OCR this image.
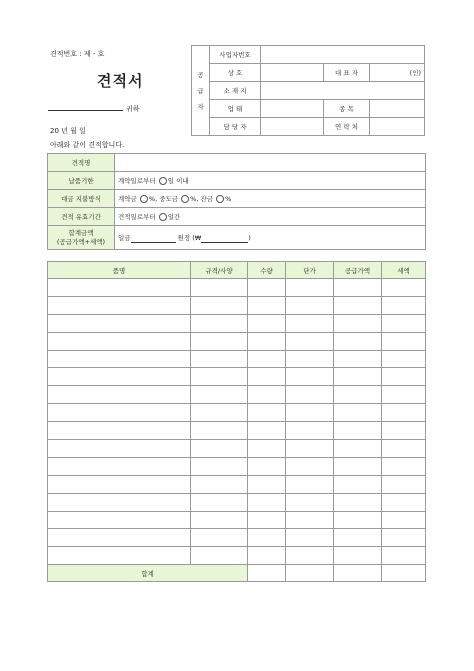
견적번호 : 제 - 호
견적서
귀하
20 년 월 일
아래와 같이 견적합니다.
공
급
자	사업자번호			
	상 호		대 표 자	(인)
	소 재 지			
	업 태		종 목	
	담 당 자		연 락 처	
견적명	
납품기한	계약일로부터 일 이내
대금 지불방식	계약금 %, 중도금 %, 잔금 %
견적 유효기간	견적일로부터 일간
합계금액
(공급가액+세액)	일금 원정 (₩ )
품명	규격/사양	수량	단가	공급가액	세액

합계					
